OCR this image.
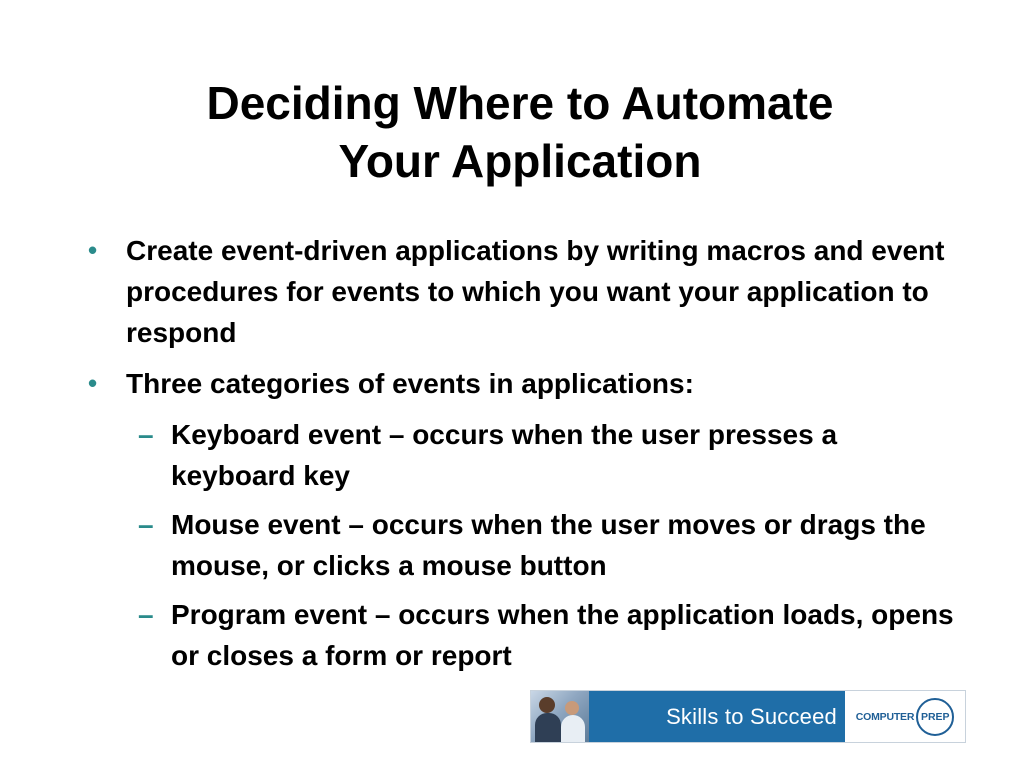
Deciding Where to Automate
Your Application
• Create event-driven applications by writing macros and event procedures for events to which you want your application to respond
• Three categories of events in applications:
– Keyboard event – occurs when the user presses a keyboard key
– Mouse event – occurs when the user moves or drags the mouse, or clicks a mouse button
– Program event – occurs when the application loads, opens or closes a form or report
Skills to Succeed	COMPUTER PREP
